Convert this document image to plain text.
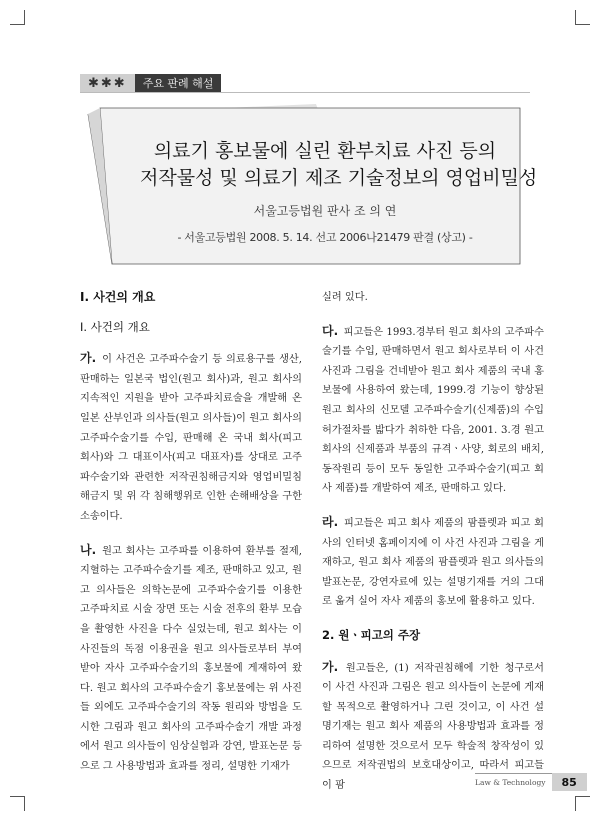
✱✱✱	주요 판례 해설
의료기 홍보물에 실린 환부치료 사진 등의
저작물성 및 의료기 제조 기술정보의 영업비밀성
서울고등법원 판사 조 의 연
- 서울고등법원 2008. 5. 14. 선고 2006나21479 판결 (상고) -
I. 사건의 개요
I. 사건의 개요

가. 이 사건은 고주파수술기 등 의료용구를 생산, 판매하는 일본국 법인(원고 회사)과, 원고 회사의 지속적인 지원을 받아 고주파치료술을 개발해 온 일본 산부인과 의사들(원고 의사들)이 원고 회사의 고주파수술기를 수입, 판매해 온 국내 회사(피고 회사)와 그 대표이사(피고 대표자)를 상대로 고주파수술기와 관련한 저작권침해금지와 영업비밀침해금지 및 위 각 침해행위로 인한 손해배상을 구한 소송이다.

나. 원고 회사는 고주파를 이용하여 환부를 절제, 지혈하는 고주파수술기를 제조, 판매하고 있고, 원고 의사들은 의학논문에 고주파수술기를 이용한 고주파치료 시술 장면 또는 시술 전후의 환부 모습을 촬영한 사진을 다수 실었는데, 원고 회사는 이 사진들의 독점 이용권을 원고 의사들로부터 부여받아 자사 고주파수술기의 홍보물에 게재하여 왔다. 원고 회사의 고주파수술기 홍보물에는 위 사진들 외에도 고주파수술기의 작동 원리와 방법을 도시한 그림과 원고 회사의 고주파수술기 개발 과정에서 원고 의사들이 임상실험과 강연, 발표논문 등으로 그 사용방법과 효과를 정리, 설명한 기재가

실려 있다.

다. 피고들은 1993.경부터 원고 회사의 고주파수술기를 수입, 판매하면서 원고 회사로부터 이 사건 사진과 그림을 건네받아 원고 회사 제품의 국내 홍보물에 사용하여 왔는데, 1999.경 기능이 향상된 원고 회사의 신모델 고주파수술기(신제품)의 수입허가절차를 밟다가 취하한 다음, 2001. 3.경 원고 회사의 신제품과 부품의 규격ㆍ사양, 회로의 배치, 동작원리 등이 모두 동일한 고주파수술기(피고 회사 제품)를 개발하여 제조, 판매하고 있다.

라. 피고들은 피고 회사 제품의 팜플렛과 피고 회사의 인터넷 홈페이지에 이 사건 사진과 그림을 게재하고, 원고 회사 제품의 팜플렛과 원고 의사들의 발표논문, 강연자료에 있는 설명기재를 거의 그대로 옮겨 실어 자사 제품의 홍보에 활용하고 있다.

2. 원ㆍ피고의 주장

가. 원고들은, (1) 저작권침해에 기한 청구로서 이 사건 사진과 그림은 원고 의사들이 논문에 게재할 목적으로 촬영하거나 그린 것이고, 이 사건 설명기재는 원고 회사 제품의 사용방법과 효과를 정리하여 설명한 것으로서 모두 학술적 창작성이 있으므로 저작권법의 보호대상이고, 따라서 피고들이 팜	Law & Technology	85
